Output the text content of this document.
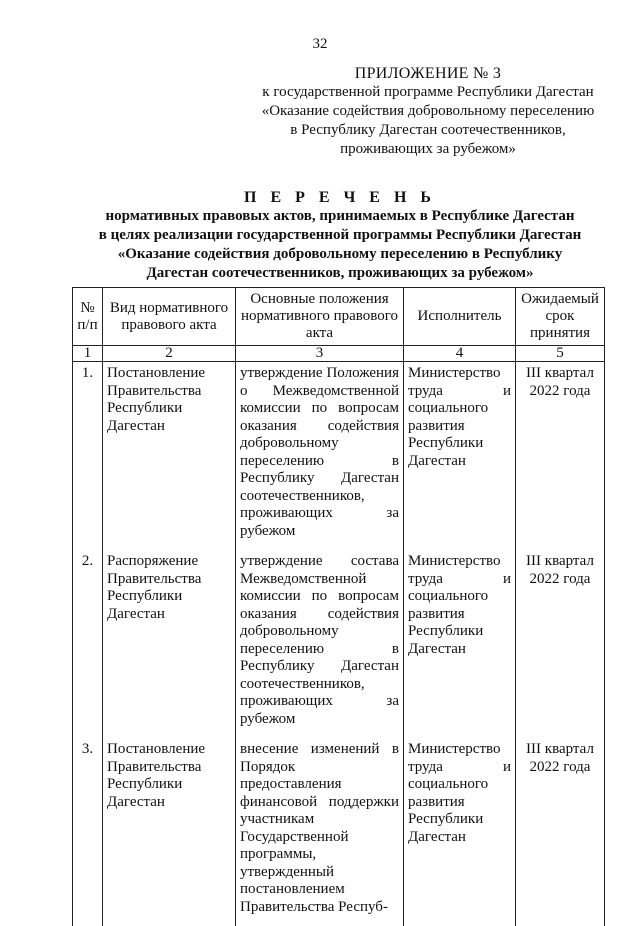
32
ПРИЛОЖЕНИЕ № 3
к государственной программе Республики Дагестан
«Оказание содействия добровольному переселению
в Республику Дагестан соотечественников,
проживающих за рубежом»
П Е Р Е Ч Е Н Ь
нормативных правовых актов, принимаемых в Республике Дагестан
в целях реализации государственной программы Республики Дагестан
«Оказание содействия добровольному переселению в Республику
Дагестан соотечественников, проживающих за рубежом»
№ п/п	Вид нормативного правового акта	Основные положения нормативного правового акта	Исполнитель	Ожидаемый срок принятия
1	2	3	4	5
1.	Постановление Правительства Республики Дагестан	утверждение Положения о Межведомственной комиссии по вопросам оказания содействия добровольному переселению в Республику Дагестан соотечественников, проживающих за рубежом	Министерство труда и социального развития Республики Дагестан	III квартал 2022 года
2.	Распоряжение Правительства Республики Дагестан	утверждение состава Межведомственной комиссии по вопросам оказания содействия добровольному переселению в Республику Дагестан соотечественников, проживающих за рубежом	Министерство труда и социального развития Республики Дагестан	III квартал 2022 года
3.	Постановление Правительства Республики Дагестан	внесение изменений в Порядок предоставления финансовой поддержки участникам Государственной программы, утвержденный постановлением Правительства Респуб-	Министерство труда и социального развития Республики Дагестан	III квартал 2022 года
